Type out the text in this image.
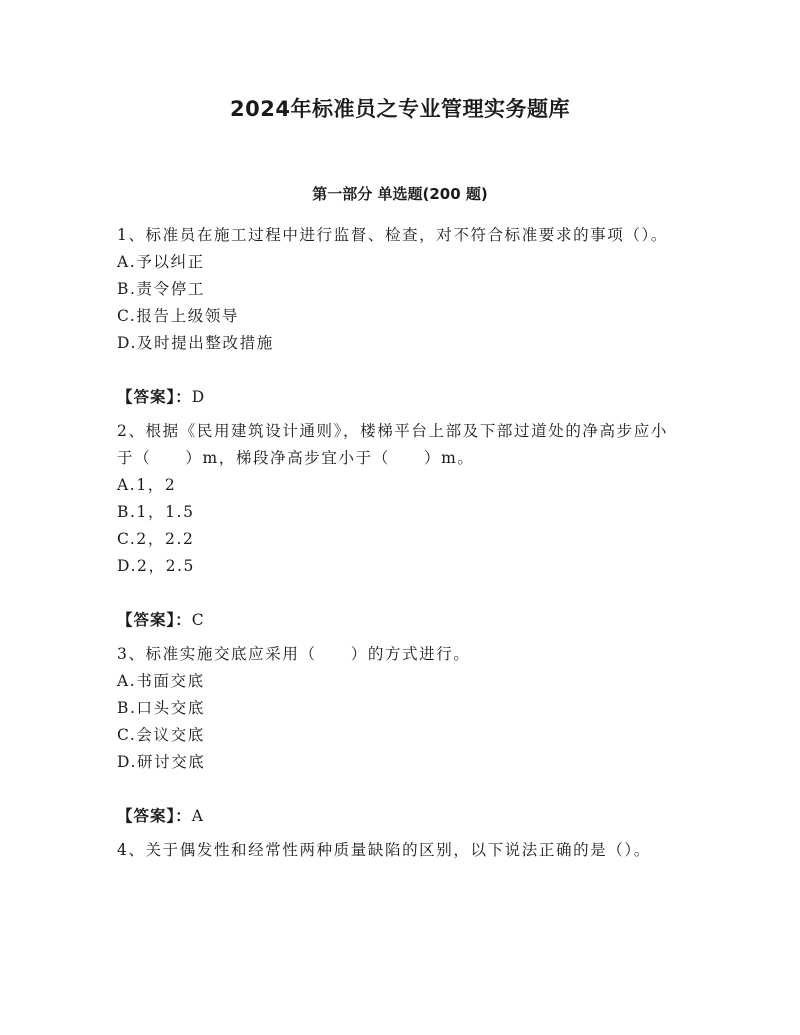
2024年标准员之专业管理实务题库
第一部分 单选题(200 题)

1、标准员在施工过程中进行监督、检查，对不符合标准要求的事项（）。

A.予以纠正

B.责令停工

C.报告上级领导

D.及时提出整改措施

【答案】：D

2、根据《民用建筑设计通则》，楼梯平台上部及下部过道处的净高步应小于（　　）m，梯段净高步宜小于（　　）m。

A.1，2

B.1，1.5

C.2，2.2

D.2，2.5

【答案】：C

3、标准实施交底应采用（　　）的方式进行。

A.书面交底

B.口头交底

C.会议交底

D.研讨交底

【答案】：A

4、关于偶发性和经常性两种质量缺陷的区别，以下说法正确的是（）。
